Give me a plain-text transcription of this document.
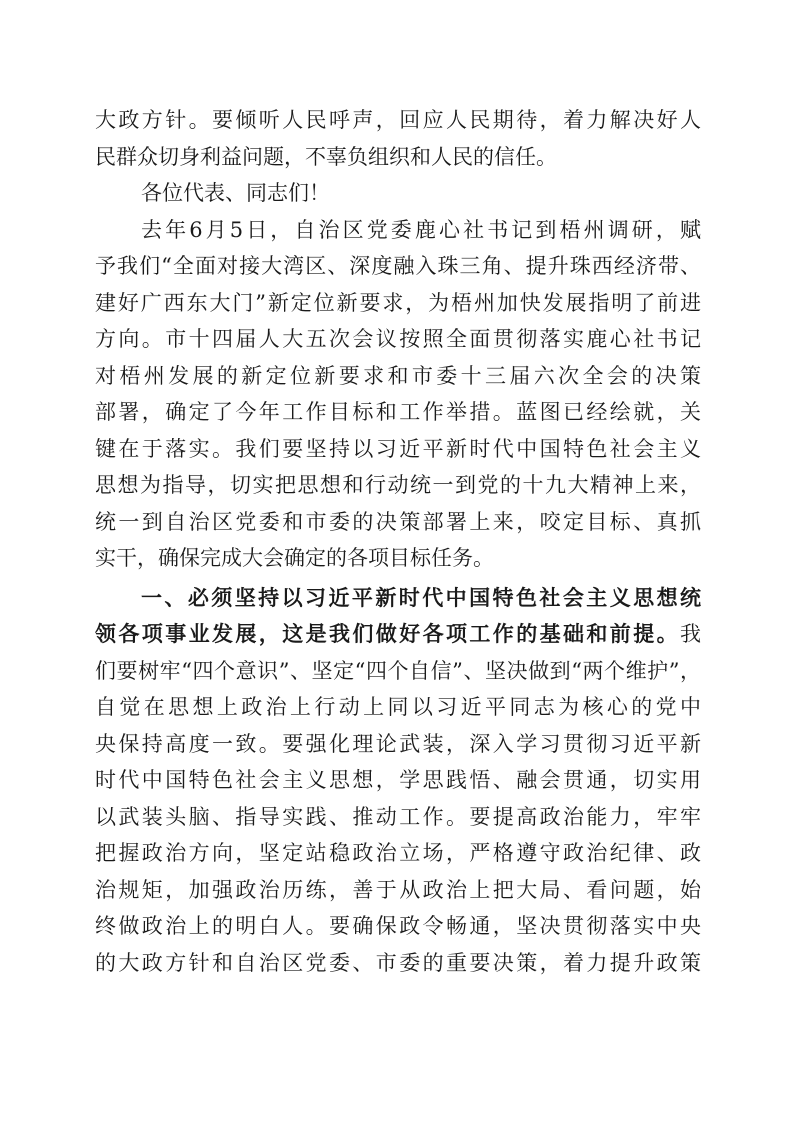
大政方针。要倾听人民呼声，回应人民期待，着力解决好人
民群众切身利益问题，不辜负组织和人民的信任。
各位代表、同志们！
去年6月5日，自治区党委鹿心社书记到梧州调研，赋
予我们“全面对接大湾区、深度融入珠三角、提升珠西经济带、
建好广西东大门”新定位新要求，为梧州加快发展指明了前进
方向。市十四届人大五次会议按照全面贯彻落实鹿心社书记
对梧州发展的新定位新要求和市委十三届六次全会的决策
部署，确定了今年工作目标和工作举措。蓝图已经绘就，关
键在于落实。我们要坚持以习近平新时代中国特色社会主义
思想为指导，切实把思想和行动统一到党的十九大精神上来，
统一到自治区党委和市委的决策部署上来，咬定目标、真抓
实干，确保完成大会确定的各项目标任务。
一、必须坚持以习近平新时代中国特色社会主义思想统
领各项事业发展，这是我们做好各项工作的基础和前提。我
们要树牢“四个意识”、坚定“四个自信”、坚决做到“两个维护”，
自觉在思想上政治上行动上同以习近平同志为核心的党中
央保持高度一致。要强化理论武装，深入学习贯彻习近平新
时代中国特色社会主义思想，学思践悟、融会贯通，切实用
以武装头脑、指导实践、推动工作。要提高政治能力，牢牢
把握政治方向，坚定站稳政治立场，严格遵守政治纪律、政
治规矩，加强政治历练，善于从政治上把大局、看问题，始
终做政治上的明白人。要确保政令畅通，坚决贯彻落实中央
的大政方针和自治区党委、市委的重要决策，着力提升政策
